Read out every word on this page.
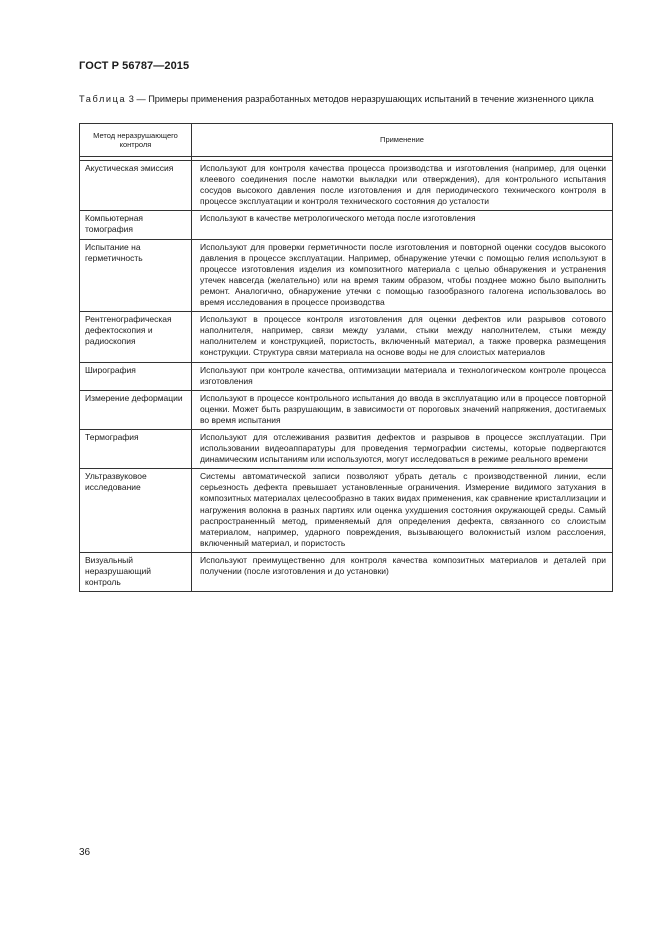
ГОСТ Р 56787—2015
Таблица 3 — Примеры применения разработанных методов неразрушающих испытаний в течение жизненного цикла
Метод неразрушающего контроля	Применение

Акустическая эмиссия	Используют для контроля качества процесса производства и изготовления (например, для оценки клеевого соединения после намотки выкладки или отверждения), для контрольного испытания сосудов высокого давления после изготовления и для периодического технического контроля в процессе эксплуатации и контроля технического состояния до усталости
Компьютерная томография	Используют в качестве метрологического метода после изготовления
Испытание на герметичность	Используют для проверки герметичности после изготовления и повторной оценки сосудов высокого давления в процессе эксплуатации. Например, обнаружение утечки с помощью гелия используют в процессе изготовления изделия из композитного материала с целью обнаружения и устранения утечек навсегда (желательно) или на время таким образом, чтобы позднее можно было выполнить ремонт. Аналогично, обнаружение утечки с помощью газообразного галогена использовалось во время исследования в процессе производства
Рентгенографическая дефектоскопия и радиоскопия	Используют в процессе контроля изготовления для оценки дефектов или разрывов сотового наполнителя, например, связи между узлами, стыки между наполнителем, стыки между наполнителем и конструкцией, пористость, включенный материал, а также проверка размещения конструкции. Структура связи материала на основе воды не для слоистых материалов
Ширография	Используют при контроле качества, оптимизации материала и технологическом контроле процесса изготовления
Измерение деформации	Используют в процессе контрольного испытания до ввода в эксплуатацию или в процессе повторной оценки. Может быть разрушающим, в зависимости от пороговых значений напряжения, достигаемых во время испытания
Термография	Используют для отслеживания развития дефектов и разрывов в процессе эксплуатации. При использовании видеоаппаратуры для проведения термографии системы, которые подвергаются динамическим испытаниям или используются, могут исследоваться в режиме реального времени
Ультразвуковое исследование	Системы автоматической записи позволяют убрать деталь с производственной линии, если серьезность дефекта превышает установленные ограничения. Измерение видимого затухания в композитных материалах целесообразно в таких видах применения, как сравнение кристаллизации и нагружения волокна в разных партиях или оценка ухудшения состояния окружающей среды. Самый распространенный метод, применяемый для определения дефекта, связанного со слоистым материалом, например, ударного повреждения, вызывающего волокнистый излом расслоения, включенный материал, и пористость
Визуальный неразрушающий контроль	Используют преимущественно для контроля качества композитных материалов и деталей при получении (после изготовления и до установки)
36
